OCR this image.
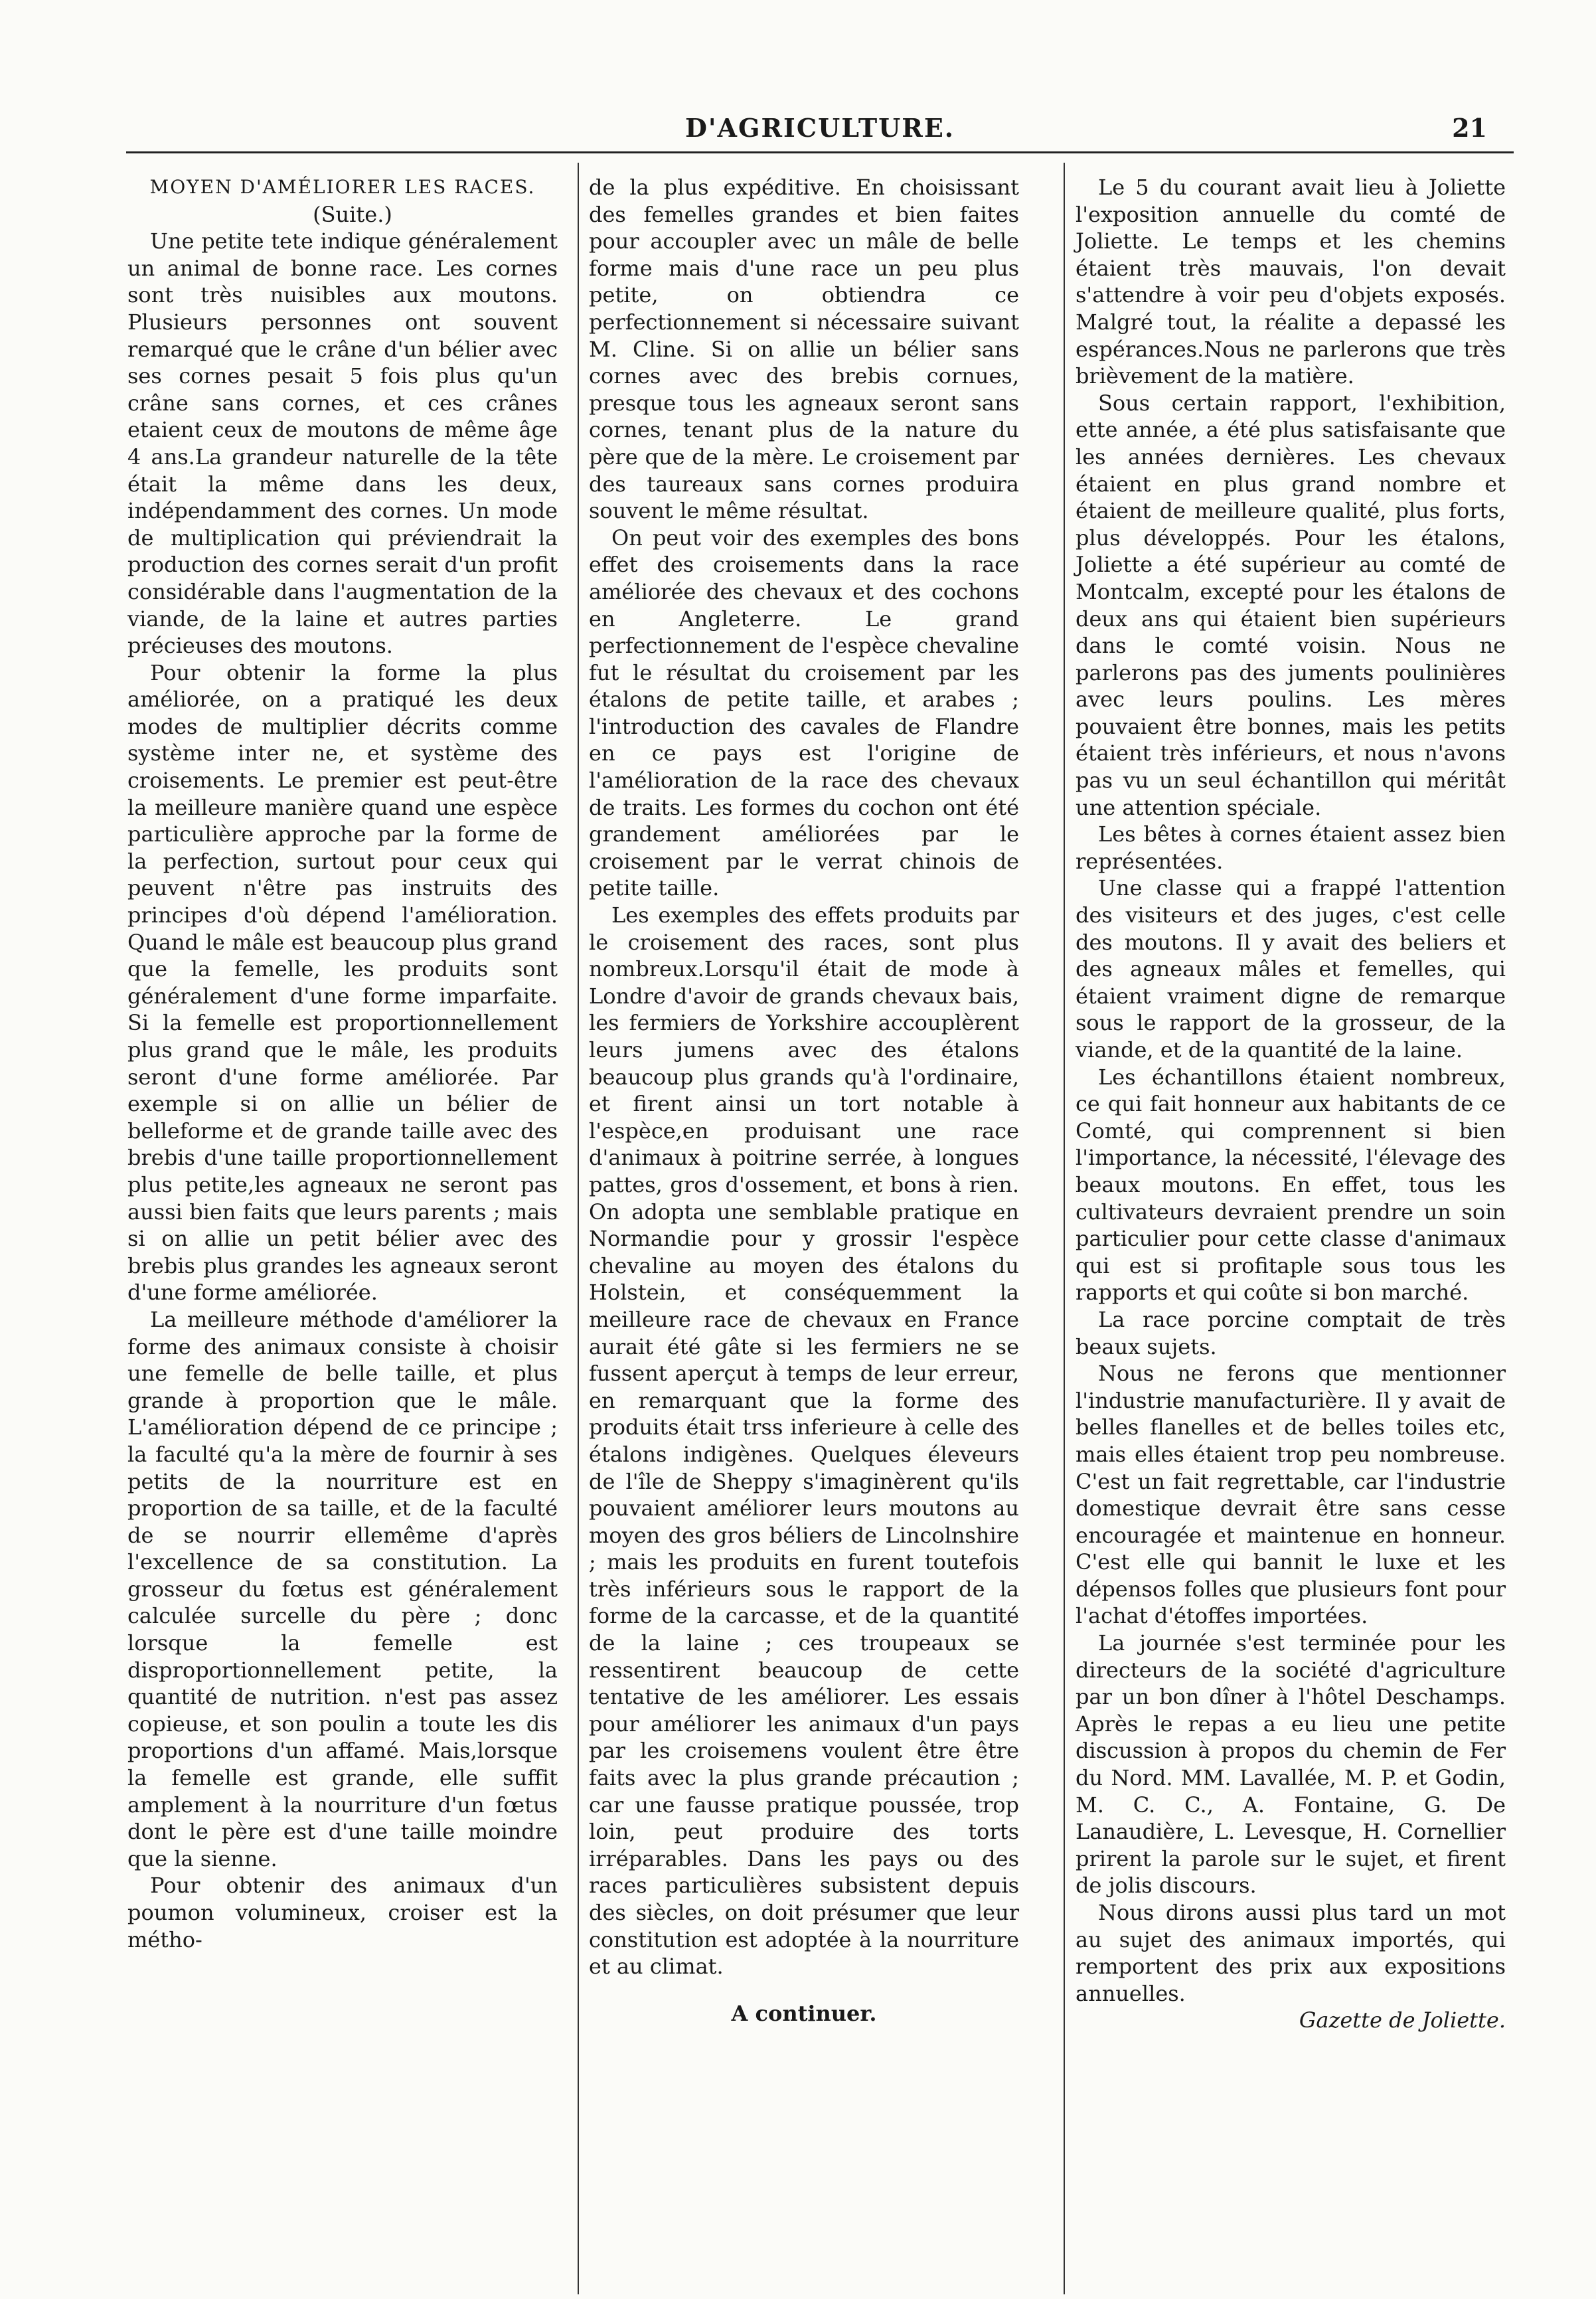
D'AGRICULTURE.	21
MOYEN D'AMÉLIORER LES RACES.
(Suite.)

Une petite tete indique généralement un animal de bonne race. Les cornes sont très nuisibles aux moutons. Plusieurs personnes ont souvent remarqué que le crâne d'un bélier avec ses cornes pesait 5 fois plus qu'un crâne sans cornes, et ces crânes etaient ceux de moutons de même âge 4 ans.La grandeur naturelle de la tête était la même dans les deux, indépendamment des cornes. Un mode de multiplication qui préviendrait la production des cornes serait d'un profit considérable dans l'augmentation de la viande, de la laine et autres parties précieuses des moutons.

Pour obtenir la forme la plus améliorée, on a pratiqué les deux modes de multiplier décrits comme système inter ne, et système des croisements. Le premier est peut-être la meilleure manière quand une espèce particulière approche par la forme de la perfection, surtout pour ceux qui peuvent n'être pas instruits des principes d'où dépend l'amélioration. Quand le mâle est beaucoup plus grand que la femelle, les produits sont généralement d'une forme imparfaite. Si la femelle est proportionnellement plus grand que le mâle, les produits seront d'une forme améliorée. Par exemple si on allie un bélier de belleforme et de grande taille avec des brebis d'une taille proportionnellement plus petite,les agneaux ne seront pas aussi bien faits que leurs parents ; mais si on allie un petit bélier avec des brebis plus grandes les agneaux seront d'une forme améliorée.

La meilleure méthode d'améliorer la forme des animaux consiste à choisir une femelle de belle taille, et plus grande à proportion que le mâle. L'amélioration dépend de ce principe ; la faculté qu'a la mère de fournir à ses petits de la nourriture est en proportion de sa taille, et de la faculté de se nourrir ellemême d'après l'excellence de sa constitution. La grosseur du fœtus est généralement calculée surcelle du père ; donc lorsque la femelle est disproportionnellement petite, la quantité de nutrition. n'est pas assez copieuse, et son poulin a toute les dis proportions d'un affamé. Mais,lorsque la femelle est grande, elle suffit amplement à la nourriture d'un fœtus dont le père est d'une taille moindre que la sienne.

Pour obtenir des animaux d'un poumon volumineux, croiser est la métho-

de la plus expéditive. En choisissant des femelles grandes et bien faites pour accoupler avec un mâle de belle forme mais d'une race un peu plus petite, on obtiendra ce perfectionnement si nécessaire suivant M. Cline. Si on allie un bélier sans cornes avec des brebis cornues, presque tous les agneaux seront sans cornes, tenant plus de la nature du père que de la mère. Le croisement par des taureaux sans cornes produira souvent le même résultat.

On peut voir des exemples des bons effet des croisements dans la race améliorée des chevaux et des cochons en Angleterre. Le grand perfectionnement de l'espèce chevaline fut le résultat du croisement par les étalons de petite taille, et arabes ; l'introduction des cavales de Flandre en ce pays est l'origine de l'amélioration de la race des chevaux de traits. Les formes du cochon ont été grandement améliorées par le croisement par le verrat chinois de petite taille.

Les exemples des effets produits par le croisement des races, sont plus nombreux.Lorsqu'il était de mode à Londre d'avoir de grands chevaux bais, les fermiers de Yorkshire accouplèrent leurs jumens avec des étalons beaucoup plus grands qu'à l'ordinaire, et firent ainsi un tort notable à l'espèce,en produisant une race d'animaux à poitrine serrée, à longues pattes, gros d'ossement, et bons à rien. On adopta une semblable pratique en Normandie pour y grossir l'espèce chevaline au moyen des étalons du Holstein, et conséquemment la meilleure race de chevaux en France aurait été gâte si les fermiers ne se fussent aperçut à temps de leur erreur, en remarquant que la forme des produits était trss inferieure à celle des étalons indigènes. Quelques éleveurs de l'île de Sheppy s'imaginèrent qu'ils pouvaient améliorer leurs moutons au moyen des gros béliers de Lincolnshire ; mais les produits en furent toutefois très inférieurs sous le rapport de la forme de la carcasse, et de la quantité de la laine ; ces troupeaux se ressentirent beaucoup de cette tentative de les améliorer. Les essais pour améliorer les animaux d'un pays par les croisemens voulent être être faits avec la plus grande précaution ; car une fausse pratique poussée, trop loin, peut produire des torts irréparables. Dans les pays ou des races particulières subsistent depuis des siècles, on doit présumer que leur constitution est adoptée à la nourriture et au climat.

A continuer.

Le 5 du courant avait lieu à Joliette l'exposition annuelle du comté de Joliette. Le temps et les chemins étaient très mauvais, l'on devait s'attendre à voir peu d'objets exposés. Malgré tout, la réalite a depassé les espérances.Nous ne parlerons que très brièvement de la matière.

Sous certain rapport, l'exhibition, ette année, a été plus satisfaisante que les années dernières. Les chevaux étaient en plus grand nombre et étaient de meilleure qualité, plus forts, plus développés. Pour les étalons, Joliette a été supérieur au comté de Montcalm, excepté pour les étalons de deux ans qui étaient bien supérieurs dans le comté voisin. Nous ne parlerons pas des juments poulinières avec leurs poulins. Les mères pouvaient être bonnes, mais les petits étaient très inférieurs, et nous n'avons pas vu un seul échantillon qui méritât une attention spéciale.

Les bêtes à cornes étaient assez bien représentées.

Une classe qui a frappé l'attention des visiteurs et des juges, c'est celle des moutons. Il y avait des beliers et des agneaux mâles et femelles, qui étaient vraiment digne de remarque sous le rapport de la grosseur, de la viande, et de la quantité de la laine.

Les échantillons étaient nombreux, ce qui fait honneur aux habitants de ce Comté, qui comprennent si bien l'importance, la nécessité, l'élevage des beaux moutons. En effet, tous les cultivateurs devraient prendre un soin particulier pour cette classe d'animaux qui est si profitaple sous tous les rapports et qui coûte si bon marché.

La race porcine comptait de très beaux sujets.

Nous ne ferons que mentionner l'industrie manufacturière. Il y avait de belles flanelles et de belles toiles etc, mais elles étaient trop peu nombreuse. C'est un fait regrettable, car l'industrie domestique devrait être sans cesse encouragée et maintenue en honneur. C'est elle qui bannit le luxe et les dépensos folles que plusieurs font pour l'achat d'étoffes importées.

La journée s'est terminée pour les directeurs de la société d'agriculture par un bon dîner à l'hôtel Deschamps. Après le repas a eu lieu une petite discussion à propos du chemin de Fer du Nord. MM. Lavallée, M. P. et Godin, M. C. C., A. Fontaine, G. De Lanaudière, L. Levesque, H. Cornellier prirent la parole sur le sujet, et firent de jolis discours.

Nous dirons aussi plus tard un mot au sujet des animaux importés, qui remportent des prix aux expositions annuelles.

Gazette de Joliette.
